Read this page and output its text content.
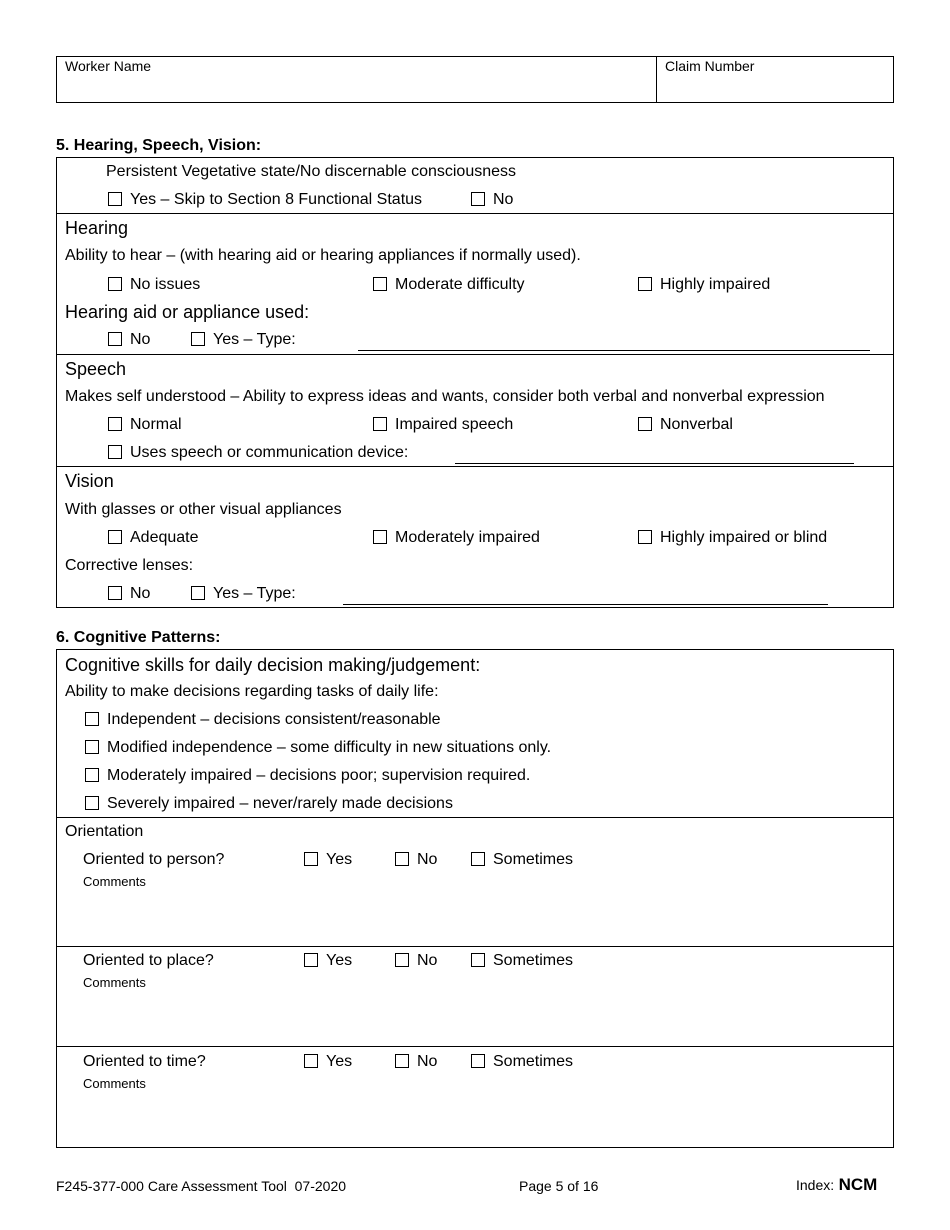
Worker Name	Claim Number
5. Hearing, Speech, Vision:
Persistent Vegetative state/No discernable consciousness
Yes – Skip to Section 8 Functional Status	No
Hearing
Ability to hear – (with hearing aid or hearing appliances if normally used).
No issues	Moderate difficulty	Highly impaired
Hearing aid or appliance used:
No	Yes – Type:
Speech
Makes self understood – Ability to express ideas and wants, consider both verbal and nonverbal expression
Normal	Impaired speech	Nonverbal
Uses speech or communication device:
Vision
With glasses or other visual appliances
Adequate	Moderately impaired	Highly impaired or blind
Corrective lenses:
No	Yes – Type:
6. Cognitive Patterns:
Cognitive skills for daily decision making/judgement:
Ability to make decisions regarding tasks of daily life:
Independent – decisions consistent/reasonable
Modified independence – some difficulty in new situations only.
Moderately impaired – decisions poor; supervision required.
Severely impaired – never/rarely made decisions
Orientation
Oriented to person?	Yes	No	Sometimes
Comments
Oriented to place?	Yes	No	Sometimes
Comments
Oriented to time?	Yes	No	Sometimes
Comments
F245-377-000 Care Assessment Tool  07-2020	Page 5 of 16	Index: NCM
